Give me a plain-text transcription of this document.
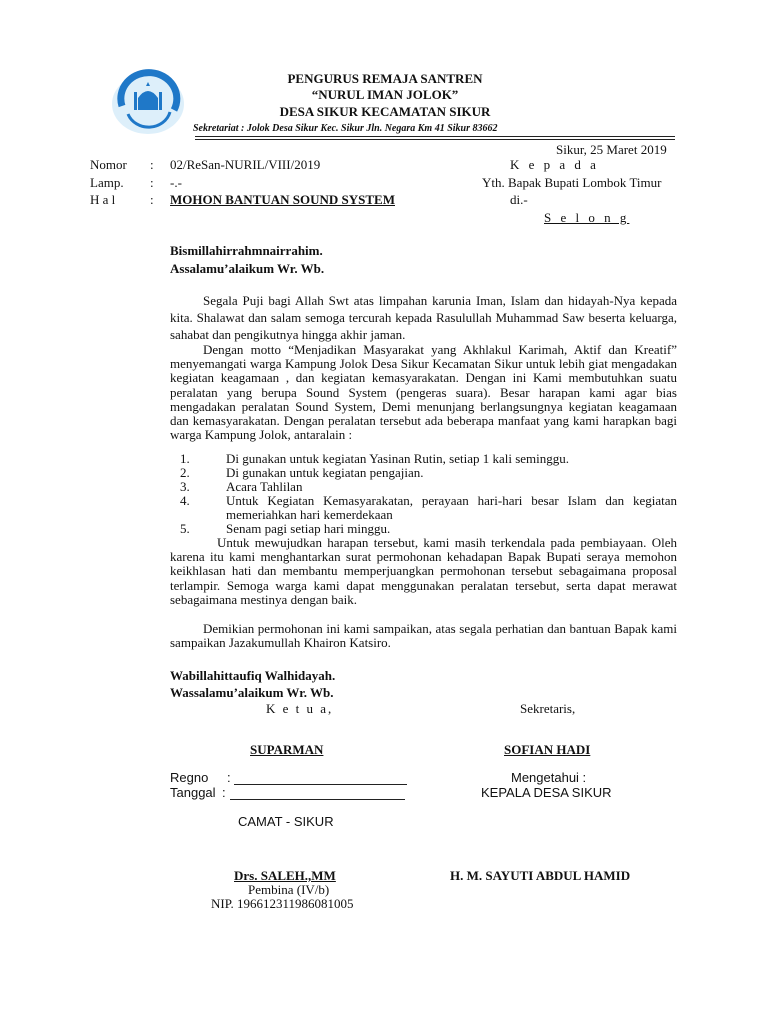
PENGURUS REMAJA SANTREN
“NURUL IMAN JOLOK”
DESA SIKUR KECAMATAN SIKUR
Sekretariat : Jolok Desa Sikur Kec. Sikur Jln. Negara Km 41 Sikur 83662
Sikur, 25 Maret 2019
Nomor : 02/ReSan-NURIL/VIII/2019
Lamp. : -.-
H a l	: MOHON BANTUAN SOUND SYSTEM
K e p a d a
Yth. Bapak Bupati Lombok Timur
di.-
S e l o n g
Bismillahirrahmnairrahim.
Assalamu’alaikum Wr. Wb.

Segala Puji bagi Allah Swt atas limpahan karunia Iman, Islam dan hidayah-Nya kepada kita. Shalawat dan salam semoga tercurah kepada Rasulullah Muhammad Saw beserta keluarga, sahabat dan pengikutnya hingga akhir jaman.

Dengan motto “Menjadikan Masyarakat yang Akhlakul Karimah, Aktif dan Kreatif” menyemangati warga Kampung Jolok Desa Sikur Kecamatan Sikur untuk lebih giat mengadakan kegiatan keagamaan , dan kegiatan kemasyarakatan. Dengan ini Kami membutuhkan suatu peralatan yang berupa Sound System (pengeras suara). Besar harapan kami agar bias mengadakan peralatan Sound System, Demi menunjang berlangsungnya kegiatan keagamaan dan kemasyarakatan. Dengan peralatan tersebut ada beberapa manfaat yang kami harapkan bagi warga Kampung Jolok, antaralain :

1.	Di gunakan untuk kegiatan Yasinan Rutin, setiap 1 kali seminggu.
2.	Di gunakan untuk kegiatan pengajian.
3.	Acara Tahlilan
4.	Untuk Kegiatan Kemasyarakatan, perayaan hari-hari besar Islam dan kegiatan memeriahkan hari kemerdekaan
5.	Senam pagi setiap hari minggu.

Untuk mewujudkan harapan tersebut, kami masih terkendala pada pembiayaan. Oleh karena itu kami menghantarkan surat permohonan kehadapan Bapak Bupati seraya memohon keikhlasan hati dan membantu memperjuangkan permohonan tersebut sebagaimana proposal terlampir. Semoga warga kami dapat menggunakan peralatan tersebut, serta dapat merawat sebagaimana mestinya dengan baik.

Demikian permohonan ini kami sampaikan, atas segala perhatian dan bantuan Bapak kami sampaikan Jazakumullah Khairon Katsiro.

Wabillahittaufiq Walhidayah.
Wassalamu’alaikum Wr. Wb.
K e t u a,	Sekretaris,
SUPARMAN	SOFIAN HADI
Regno :
Tanggal :
Mengetahui :
KEPALA DESA SIKUR
CAMAT - SIKUR
Drs. SALEH.,MM
Pembina (IV/b)
NIP. 196612311986081005
H. M. SAYUTI ABDUL HAMID
